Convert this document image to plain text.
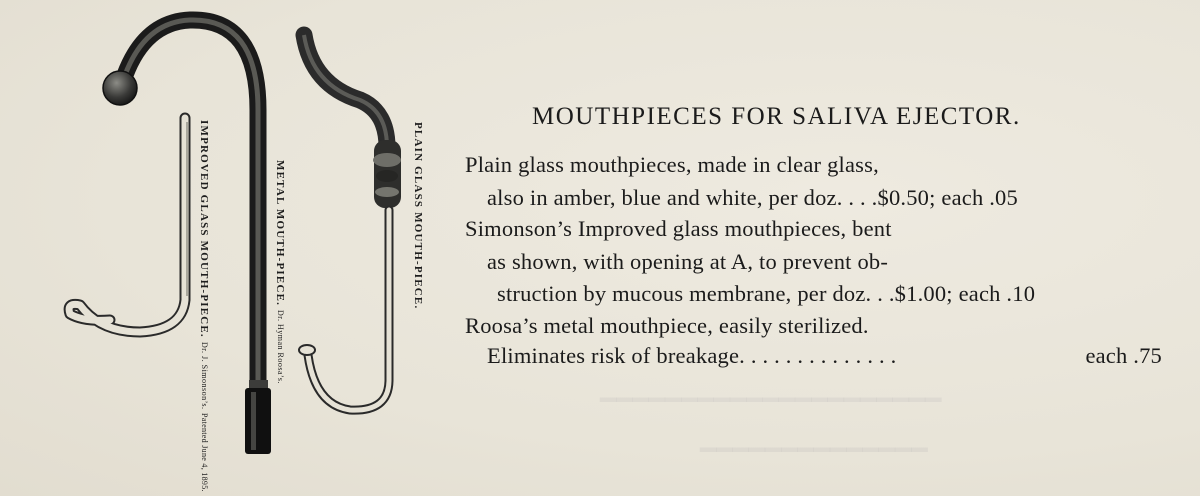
━━━━━━━━━━━━━━━━━━━━━
━━━━━━━━━━━━━━
IMPROVED GLASS MOUTH-PIECE. Dr. J. Simonson’s. Patented June 4, 1895.
METAL MOUTH-PIECE. Dr. Hyman Roosa’s.
PLAIN GLASS MOUTH-PIECE.
MOUTHPIECES FOR SALIVA EJECTOR.
Plain glass mouthpieces, made in clear glass,
also in amber, blue and white, per doz. . . .$0.50; each .05
Simonson’s Improved glass mouthpieces, bent
as shown, with opening at A, to prevent ob-
struction by mucous membrane, per doz. . .$1.00; each .10
Roosa’s metal mouthpiece, easily sterilized.
Eliminates risk of breakage. . . . . . . . . . . . . .	each .75
